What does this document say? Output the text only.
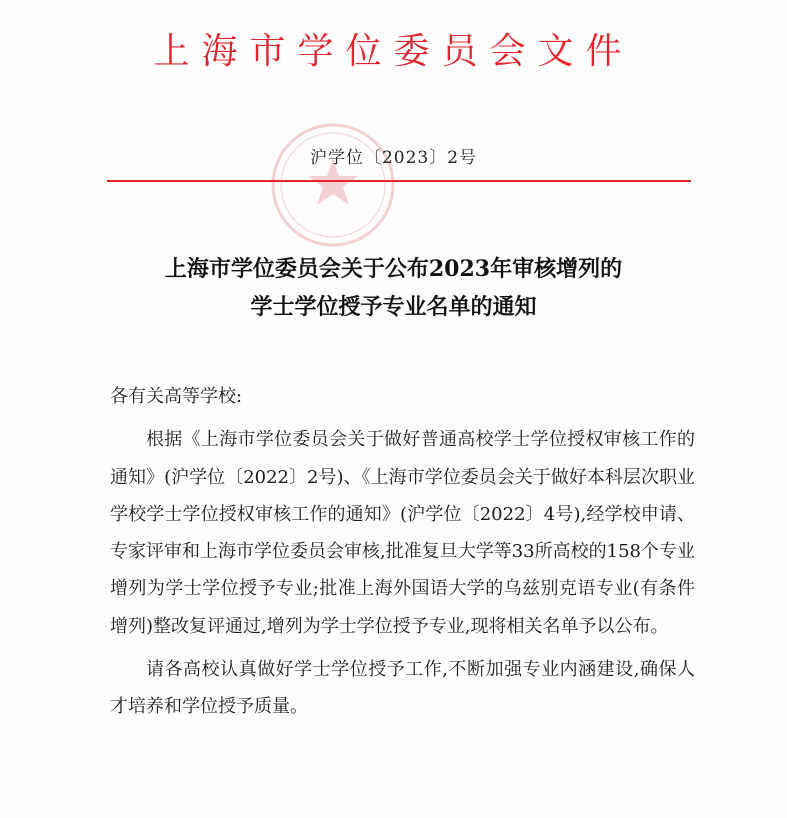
上海市学位委员会文件
沪学位〔2023〕2号
上海市学位委员会关于公布2023年审核增列的
学士学位授予专业名单的通知

各有关高等学校:

根据《上海市学位委员会关于做好普通高校学士学位授权审核工作的通知》(沪学位〔2022〕2号)、《上海市学位委员会关于做好本科层次职业学校学士学位授权审核工作的通知》(沪学位〔2022〕4号),经学校申请、专家评审和上海市学位委员会审核,批准复旦大学等33所高校的158个专业增列为学士学位授予专业;批准上海外国语大学的乌兹别克语专业(有条件增列)整改复评通过,增列为学士学位授予专业,现将相关名单予以公布。

请各高校认真做好学士学位授予工作,不断加强专业内涵建设,确保人才培养和学位授予质量。
